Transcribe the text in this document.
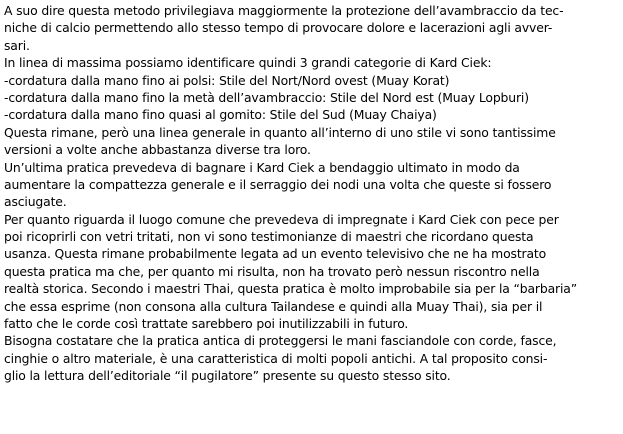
A suo dire questa metodo privilegiava maggiormente la protezione dell’avambraccio da tec-
niche di calcio permettendo allo stesso tempo di provocare dolore e lacerazioni agli avver-
sari.
In linea di massima possiamo identificare quindi 3 grandi categorie di Kard Ciek:
-cordatura dalla mano fino ai polsi: Stile del Nort/Nord ovest (Muay Korat)
-cordatura dalla mano fino la metà dell’avambraccio: Stile del Nord est (Muay Lopburi)
-cordatura dalla mano fino quasi al gomito: Stile del Sud (Muay Chaiya)
Questa rimane, però una linea generale in quanto all’interno di uno stile vi sono tantissime
versioni a volte anche abbastanza diverse tra loro.
Un’ultima pratica prevedeva di bagnare i Kard Ciek a bendaggio ultimato in modo da
aumentare la compattezza generale e il serraggio dei nodi una volta che queste si fossero
asciugate.
Per quanto riguarda il luogo comune che prevedeva di impregnate i Kard Ciek con pece per
poi ricoprirli con vetri tritati, non vi sono testimonianze di maestri che ricordano questa
usanza. Questa rimane probabilmente legata ad un evento televisivo che ne ha mostrato
questa pratica ma che, per quanto mi risulta, non ha trovato però nessun riscontro nella
realtà storica. Secondo i maestri Thai, questa pratica è molto improbabile sia per la “barbaria”
che essa esprime (non consona alla cultura Tailandese e quindi alla Muay Thai), sia per il
fatto che le corde così trattate sarebbero poi inutilizzabili in futuro.
Bisogna costatare che la pratica antica di proteggersi le mani fasciandole con corde, fasce,
cinghie o altro materiale, è una caratteristica di molti popoli antichi. A tal proposito consi-
glio la lettura dell’editoriale “il pugilatore” presente su questo stesso sito.
